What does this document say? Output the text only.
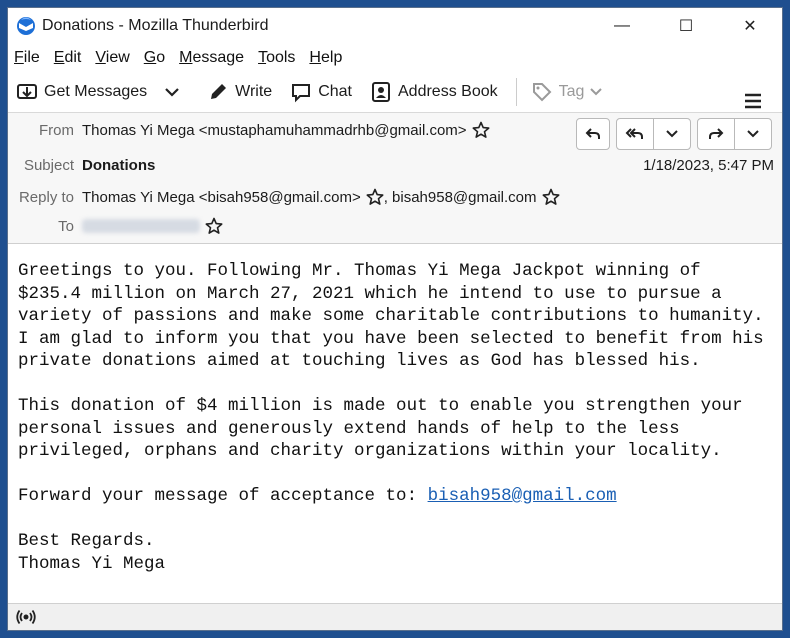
Donations - Mozilla Thunderbird	—	☐	✕
File Edit View Go Message Tools Help
Get Messages	Write	Chat	Address Book	Tag
From Thomas Yi Mega <mustaphamuhammadrhb@gmail.com>
Subject Donations	1/18/2023, 5:47 PM
Reply to Thomas Yi Mega <bisah958@gmail.com> , bisah958@gmail.com
To

Greetings to you. Following Mr. Thomas Yi Mega Jackpot winning of
$235.4 million on March 27, 2021 which he intend to use to pursue a
variety of passions and make some charitable contributions to humanity.
I am glad to inform you that you have been selected to benefit from his
private donations aimed at touching lives as God has blessed his.

This donation of $4 million is made out to enable you strengthen your
personal issues and generously extend hands of help to the less
privileged, orphans and charity organizations within your locality.

Forward your message of acceptance to: bisah958@gmail.com

Best Regards.
Thomas Yi Mega
